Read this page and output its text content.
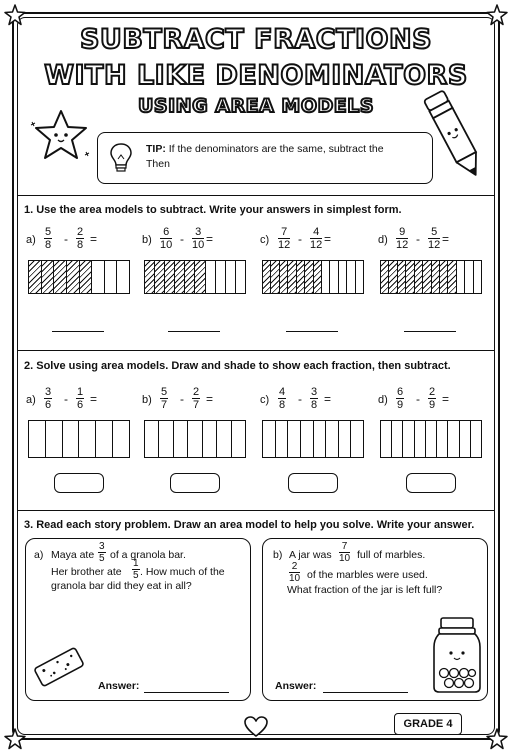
SUBTRACT FRACTIONS
WITH LIKE DENOMINATORS
USING AREA MODELS
TIP: If the denominators are the same, subtract the
Then
1. Use the area models to subtract. Write your answers in simplest form.
$a) \frac{5}{8} - \frac{2}{8}$ =	$b) \frac{6}{10} - \frac{3}{10}$ =	$c) \frac{7}{12} - \frac{4}{12}$ =	$d) \frac{9}{12} - \frac{5}{12}$ =
2. Solve using area models. Draw and shade to show each fraction, then subtract.
$a) \frac{3}{6} - \frac{1}{6}$ =	$b) \frac{5}{7} - \frac{2}{7}$ =	$c) \frac{4}{8} - \frac{3}{8}$ =	$d) \frac{6}{9} - \frac{2}{9}$ =
3. Read each story problem. Draw an area model to help you solve. Write your answer.
a) Maya ate $\frac{3}{5}$ of a granola bar.
Her brother ate $\frac{1}{5}$ . How much of the
granola bar did they eat in all?
Answer:
b) A jar was $\frac{7}{10}$ full of marbles.
$\frac{2}{10}$ of the marbles were used.
What fraction of the jar is left full?
Answer:
GRADE 4
